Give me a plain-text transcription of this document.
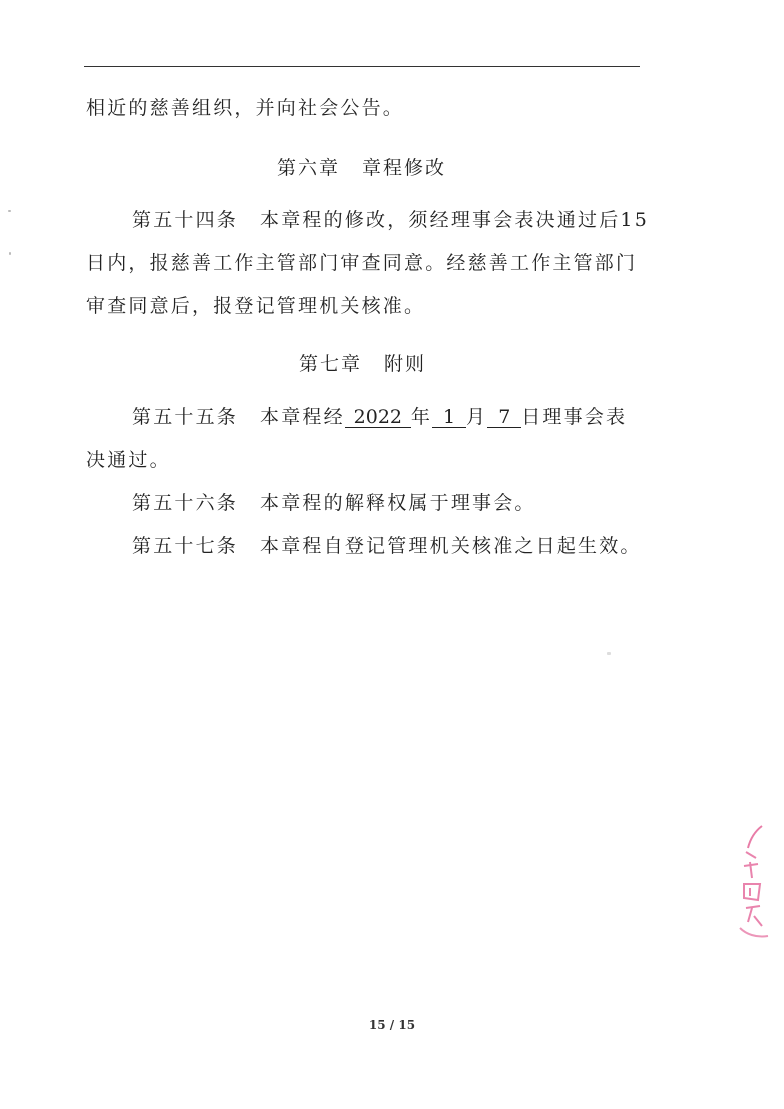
相近的慈善组织，并向社会公告。
第六章 章程修改
第五十四条 本章程的修改，须经理事会表决通过后15
日内，报慈善工作主管部门审查同意。经慈善工作主管部门
审查同意后，报登记管理机关核准。
第七章 附则
第五十五条 本章程经 2022 年 1 月 7 日理事会表
决通过。
第五十六条 本章程的解释权属于理事会。
第五十七条 本章程自登记管理机关核准之日起生效。
15 / 15
